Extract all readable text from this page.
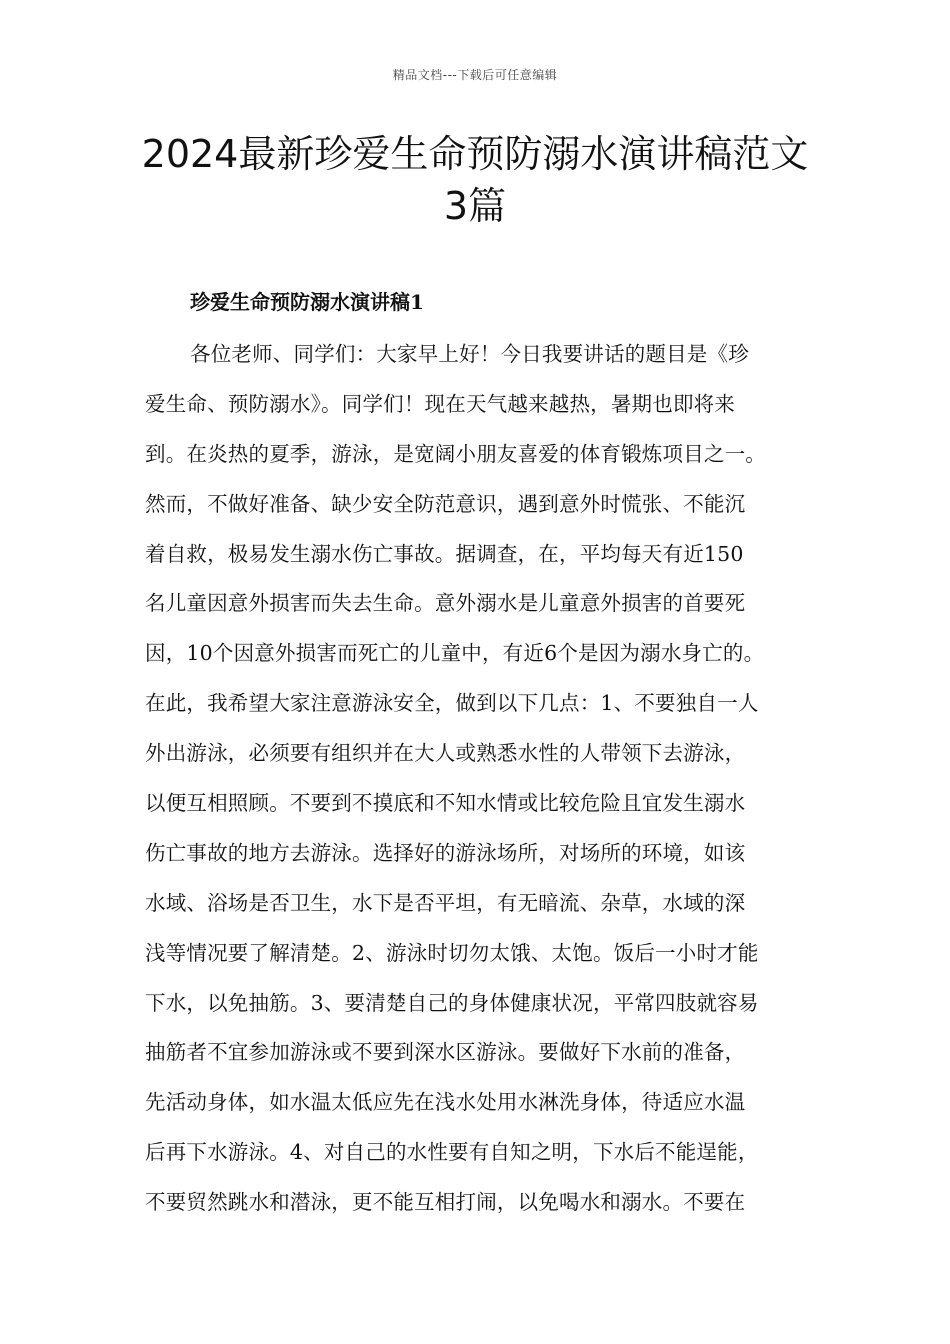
精品文档---下载后可任意编辑
2024最新珍爱生命预防溺水演讲稿范文
3篇
珍爱生命预防溺水演讲稿1
各位老师、同学们：大家早上好！今日我要讲话的题目是《珍
爱生命、预防溺水》。同学们！现在天气越来越热，暑期也即将来
到。在炎热的夏季，游泳，是宽阔小朋友喜爱的体育锻炼项目之一。
然而，不做好准备、缺少安全防范意识，遇到意外时慌张、不能沉
着自救，极易发生溺水伤亡事故。据调查，在，平均每天有近150
名儿童因意外损害而失去生命。意外溺水是儿童意外损害的首要死
因，10个因意外损害而死亡的儿童中，有近6个是因为溺水身亡的。
在此，我希望大家注意游泳安全，做到以下几点：1、不要独自一人
外出游泳，必须要有组织并在大人或熟悉水性的人带领下去游泳，
以便互相照顾。不要到不摸底和不知水情或比较危险且宜发生溺水
伤亡事故的地方去游泳。选择好的游泳场所，对场所的环境，如该
水域、浴场是否卫生，水下是否平坦，有无暗流、杂草，水域的深
浅等情况要了解清楚。2、游泳时切勿太饿、太饱。饭后一小时才能
下水，以免抽筋。3、要清楚自己的身体健康状况，平常四肢就容易
抽筋者不宜参加游泳或不要到深水区游泳。要做好下水前的准备，
先活动身体，如水温太低应先在浅水处用水淋洗身体，待适应水温
后再下水游泳。4、对自己的水性要有自知之明，下水后不能逞能，
不要贸然跳水和潜泳，更不能互相打闹，以免喝水和溺水。不要在
